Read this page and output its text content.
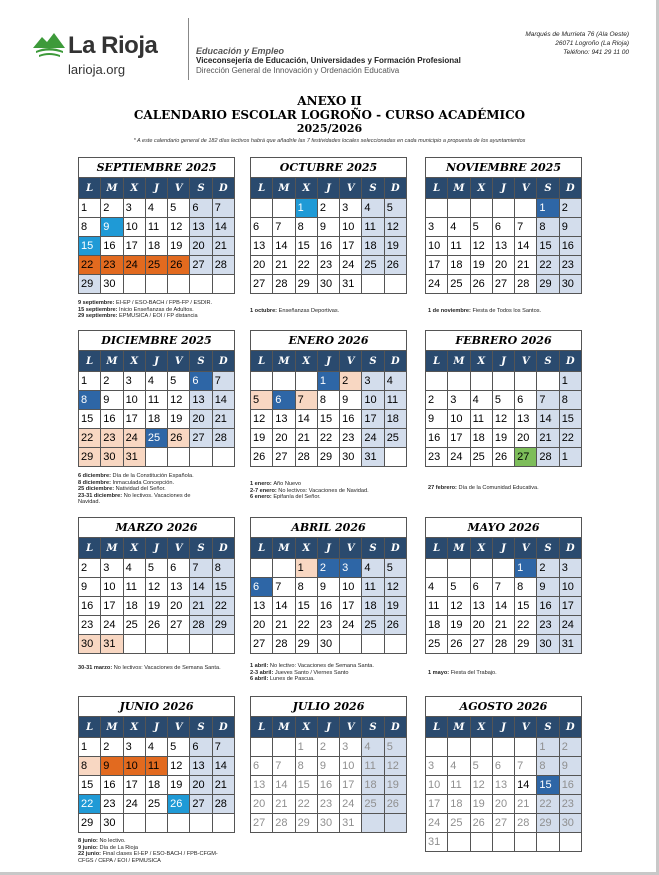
La Rioja
larioja.org
Educación y Empleo
Viceconsejería de Educación, Universidades y Formación Profesional
Dirección General de Innovación y Ordenación Educativa
Marqués de Murrieta 76 (Ala Oeste)
26071 Logroño (La Rioja)
Teléfono: 941 29 11 00
ANEXO II
CALENDARIO ESCOLAR LOGROÑO - CURSO ACADÉMICO
2025/2026
* A este calendario general de 182 días lectivos habrá que añadirle las 7 festividades locales seleccionadas en cada municipio a propuesta de los ayuntamientos
SEPTIEMBRE 2025
L	M	X	J	V	S	D
1	2	3	4	5	6	7
8	9	10	11	12	13	14
15	16	17	18	19	20	21
22	23	24	25	26	27	28
29	30					
OCTUBRE 2025
L	M	X	J	V	S	D
		1	2	3	4	5
6	7	8	9	10	11	12
13	14	15	16	17	18	19
20	21	22	23	24	25	26
27	28	29	30	31		
NOVIEMBRE 2025
L	M	X	J	V	S	D
					1	2
3	4	5	6	7	8	9
10	11	12	13	14	15	16
17	18	19	20	21	22	23
24	25	26	27	28	29	30
DICIEMBRE 2025
L	M	X	J	V	S	D
1	2	3	4	5	6	7
8	9	10	11	12	13	14
15	16	17	18	19	20	21
22	23	24	25	26	27	28
29	30	31				
ENERO 2026
L	M	X	J	V	S	D
			1	2	3	4
5	6	7	8	9	10	11
12	13	14	15	16	17	18
19	20	21	22	23	24	25
26	27	28	29	30	31	
FEBRERO 2026
L	M	X	J	V	S	D
						1
2	3	4	5	6	7	8
9	10	11	12	13	14	15
16	17	18	19	20	21	22
23	24	25	26	27	28	1
MARZO 2026
L	M	X	J	V	S	D
2	3	4	5	6	7	8
9	10	11	12	13	14	15
16	17	18	19	20	21	22
23	24	25	26	27	28	29
30	31					
ABRIL 2026
L	M	X	J	V	S	D
		1	2	3	4	5
6	7	8	9	10	11	12
13	14	15	16	17	18	19
20	21	22	23	24	25	26
27	28	29	30			
MAYO 2026
L	M	X	J	V	S	D
				1	2	3
4	5	6	7	8	9	10
11	12	13	14	15	16	17
18	19	20	21	22	23	24
25	26	27	28	29	30	31
JUNIO 2026
L	M	X	J	V	S	D
1	2	3	4	5	6	7
8	9	10	11	12	13	14
15	16	17	18	19	20	21
22	23	24	25	26	27	28
29	30					
JULIO 2026
L	M	X	J	V	S	D
		1	2	3	4	5
6	7	8	9	10	11	12
13	14	15	16	17	18	19
20	21	22	23	24	25	26
27	28	29	30	31		
AGOSTO 2026
L	M	X	J	V	S	D
					1	2
3	4	5	6	7	8	9
10	11	12	13	14	15	16
17	18	19	20	21	22	23
24	25	26	27	28	29	30
31						
9 septiembre: EI-EP / ESO-BACH / FPB-FP / ESDIR.
15 septiembre: Inicio Enseñanzas de Adultos.
29 septiembre: EPMUSICA / EOI / FP distancia
1 octubre: Enseñanzas Deportivas.	1 de noviembre: Fiesta de Todos los Santos.
6 diciembre: Día de la Constitución Española.
8 diciembre: Inmaculada Concepción.
25 diciembre: Natividad del Señor.
23-31 diciembre: No lectivos. Vacaciones de Navidad.
1 enero: Año Nuevo
2-7 enero: No lectivos: Vacaciones de Navidad.
6 enero: Epifanía del Señor.
27 febrero: Día de la Comunidad Educativa.
30-31 marzo: No lectivos: Vacaciones de Semana Santa.	1 abril: No lectivo: Vacaciones de Semana Santa.
2-3 abril: Jueves Santo / Viernes Santo
6 abril: Lunes de Pascua.
1 mayo: Fiesta del Trabajo.
8 junio: No lectivo.
9 junio: Día de La Rioja
22 junio: Final clases EI-EP / ESO-BACH / FPB-CFGM-CFGS / CEPA / EOI / EPMUSICA
